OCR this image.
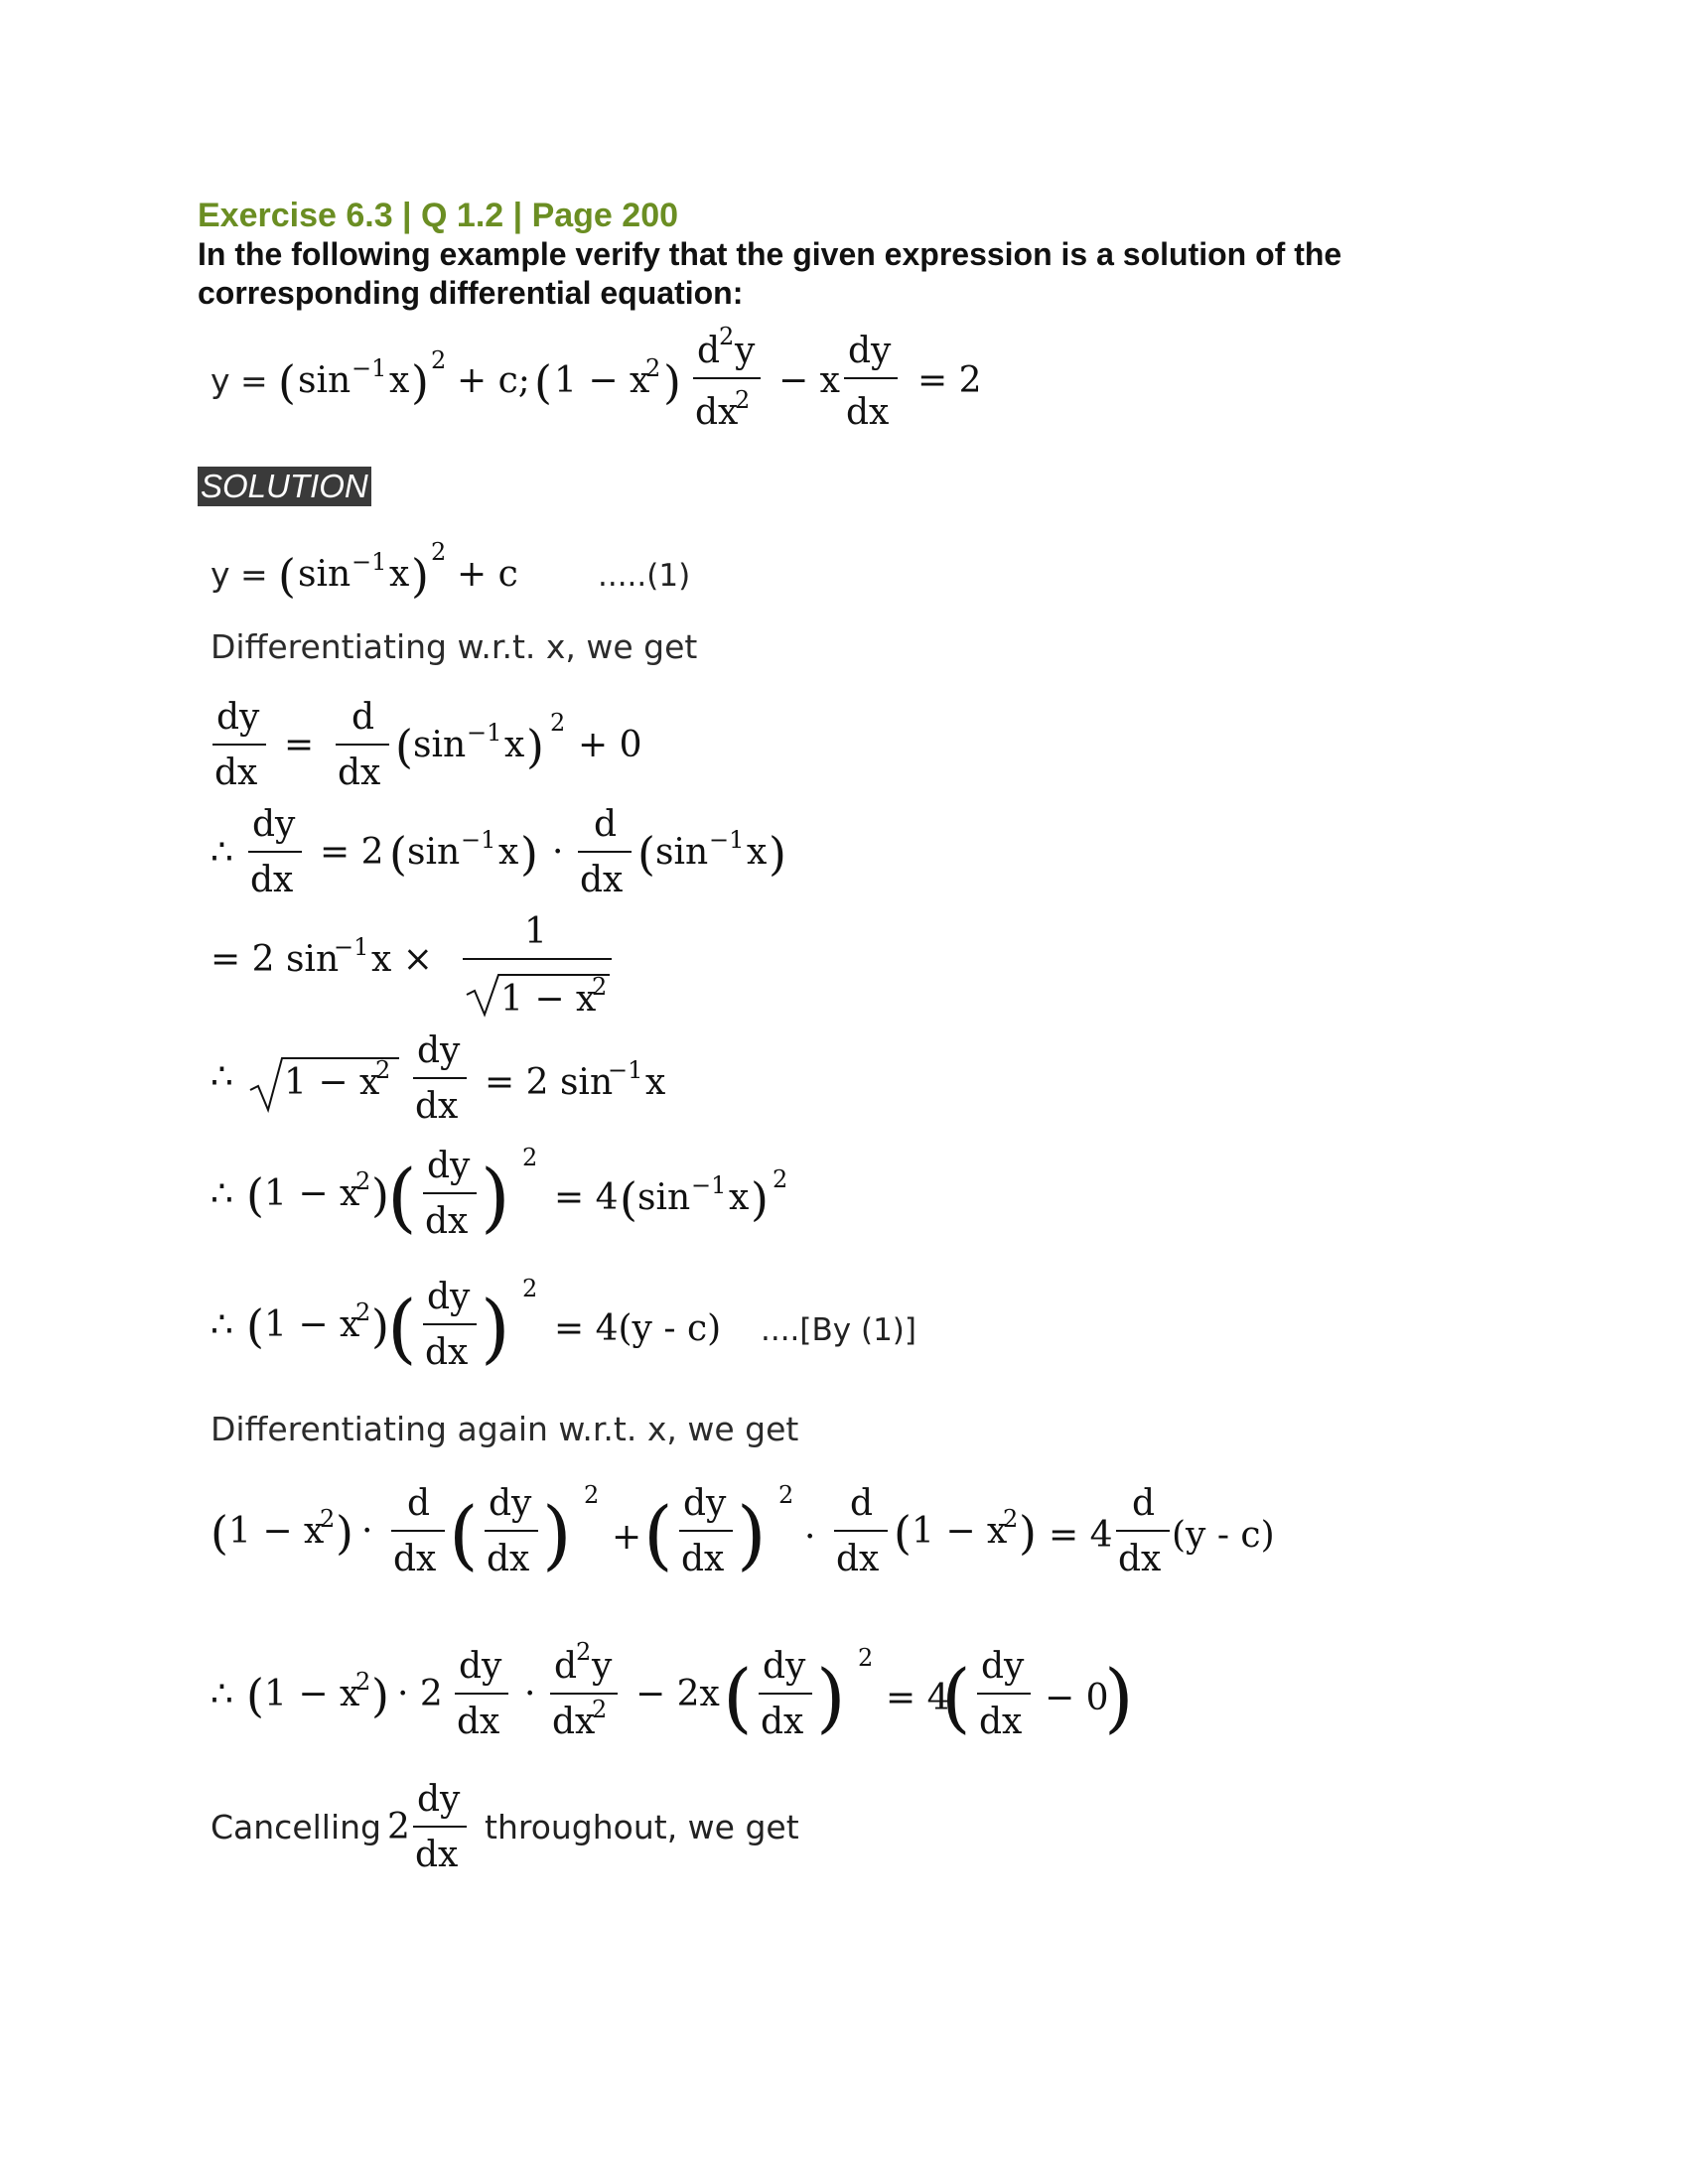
Exercise 6.3 | Q 1.2 | Page 200
In the following example verify that the given expression is a solution of the corresponding differential equation:
y = ( sin −1 x ) 2 + c; ( 1 − x
2 )
d
2 y
dx
2 − x
dy
dx
= 2
SOLUTION
y = ( sin −1 x ) 2
+ c	.....(1)
Differentiating w.r.t. x, we get
dy
dx
=
d
dx ( sin −1 x ) 2
+ 0
∴
dy
dx
= 2 ( sin −1 x ) ·
d
dx ( sin −1 x )
= 2 sin
−1 x ×
1
1 − x
2
∴ 1 − x
2 dy
dx
= 2 sin
−1 x
∴ ( 1 − x
2 )
( dy
dx ) 2
= 4 ( sin −1 x ) 2
∴ ( 1 − x
2 )
( dy
dx ) 2
= 4(y - c) ....[By (1)]
Differentiating again w.r.t. x, we get
( 1 − x
2 ) ·
d
dx ( dy
dx ) 2
+ ( dy
dx ) 2
·
d
dx ( 1 − x
2 ) = 4
d
dx
(y - c)
∴ ( 1 − x
2 ) · 2
dy
dx
·
d
2 y
dx
2 − 2x ( dy
dx ) 2
= 4
( dy
dx
− 0
)
Cancelling 2
dy
dx
throughout, we get
